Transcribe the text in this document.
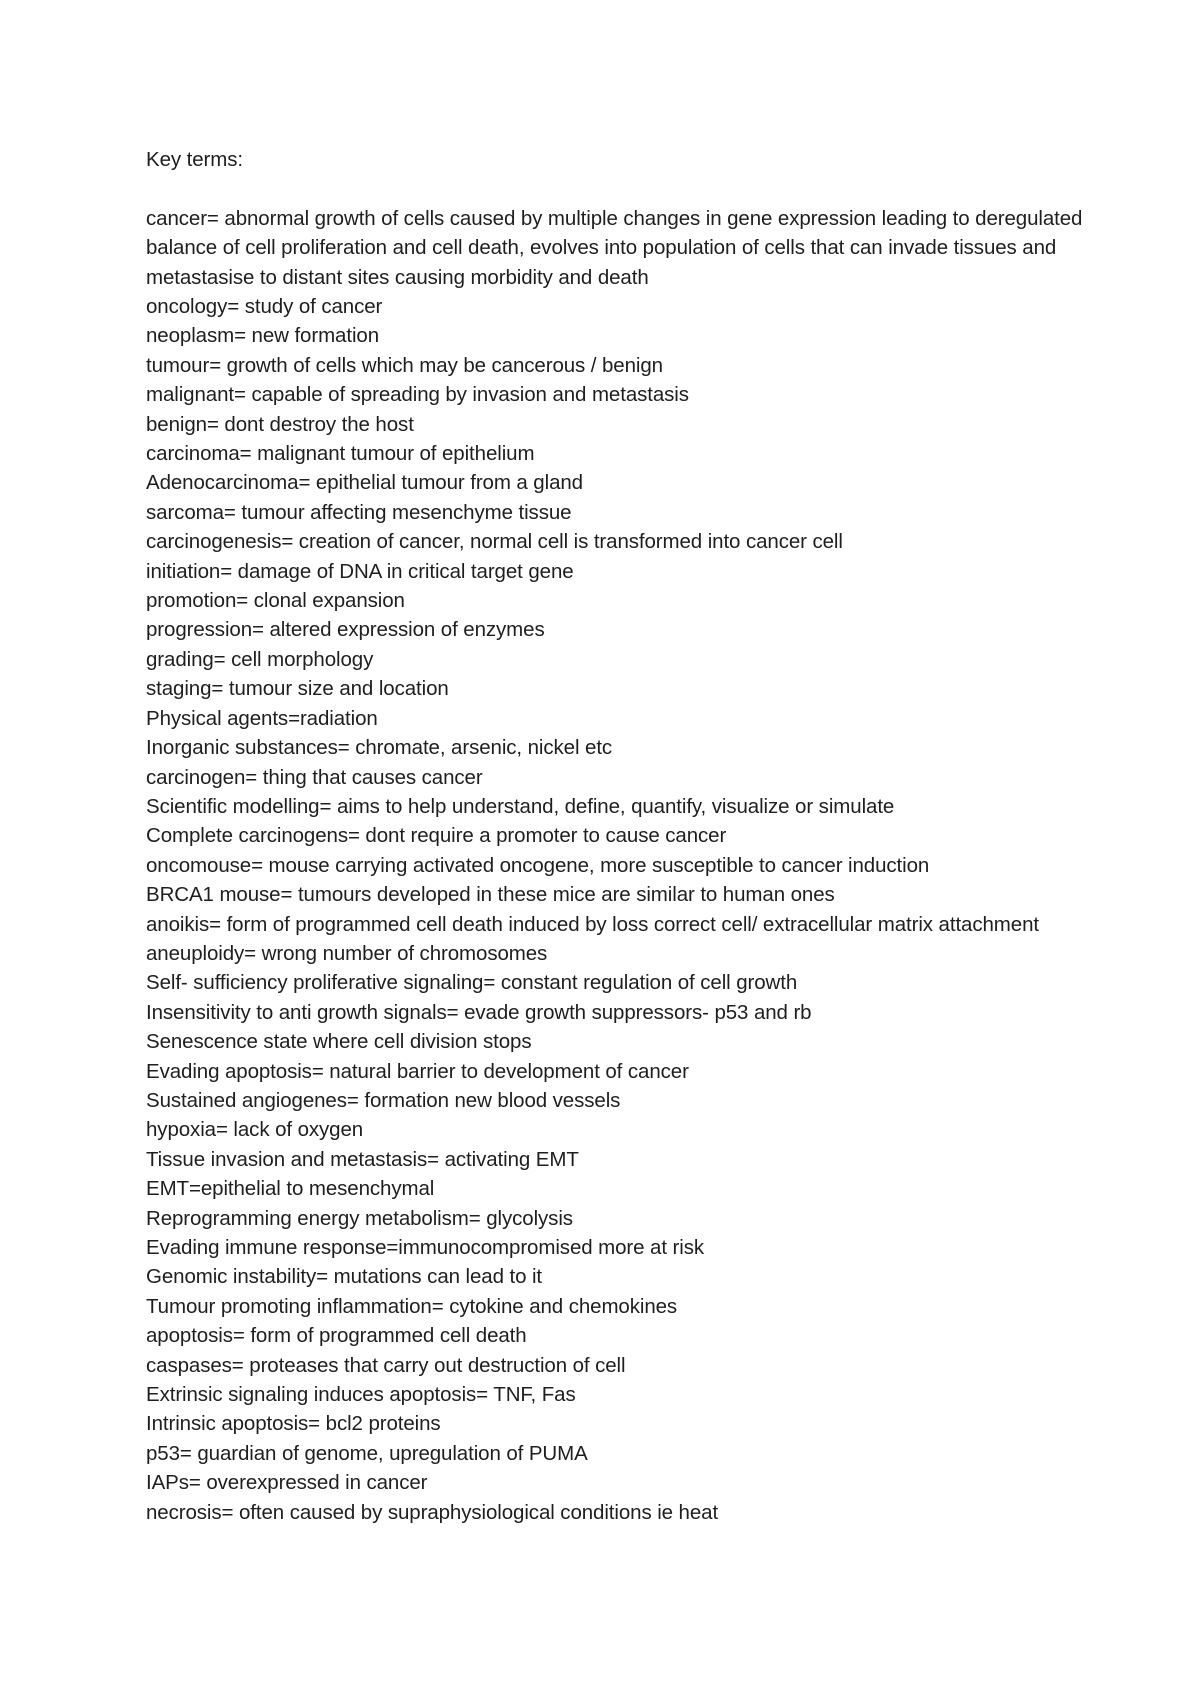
Key terms:

cancer= abnormal growth of cells caused by multiple changes in gene expression leading to deregulated balance of cell proliferation and cell death, evolves into population of cells that can invade tissues and metastasise to distant sites causing morbidity and death

oncology= study of cancer

neoplasm= new formation

tumour= growth of cells which may be cancerous / benign

malignant= capable of spreading by invasion and metastasis

benign= dont destroy the host

carcinoma= malignant tumour of epithelium

Adenocarcinoma= epithelial tumour from a gland

sarcoma= tumour affecting mesenchyme tissue

carcinogenesis= creation of cancer, normal cell is transformed into cancer cell

initiation= damage of DNA in critical target gene

promotion= clonal expansion

progression= altered expression of enzymes

grading= cell morphology

staging= tumour size and location

Physical agents=radiation

Inorganic substances= chromate, arsenic, nickel etc

carcinogen= thing that causes cancer

Scientific modelling= aims to help understand, define, quantify, visualize or simulate

Complete carcinogens= dont require a promoter to cause cancer

oncomouse= mouse carrying activated oncogene, more susceptible to cancer induction

BRCA1 mouse= tumours developed in these mice are similar to human ones

anoikis= form of programmed cell death induced by loss correct cell/ extracellular matrix attachment

aneuploidy= wrong number of chromosomes

Self- sufficiency proliferative signaling= constant regulation of cell growth

Insensitivity to anti growth signals= evade growth suppressors- p53 and rb

Senescence state where cell division stops

Evading apoptosis= natural barrier to development of cancer

Sustained angiogenes= formation new blood vessels

hypoxia= lack of oxygen

Tissue invasion and metastasis= activating EMT

EMT=epithelial to mesenchymal

Reprogramming energy metabolism= glycolysis

Evading immune response=immunocompromised more at risk

Genomic instability= mutations can lead to it

Tumour promoting inflammation= cytokine and chemokines

apoptosis= form of programmed cell death

caspases= proteases that carry out destruction of cell

Extrinsic signaling induces apoptosis= TNF, Fas

Intrinsic apoptosis= bcl2 proteins

p53= guardian of genome, upregulation of PUMA

IAPs= overexpressed in cancer

necrosis= often caused by supraphysiological conditions ie heat
